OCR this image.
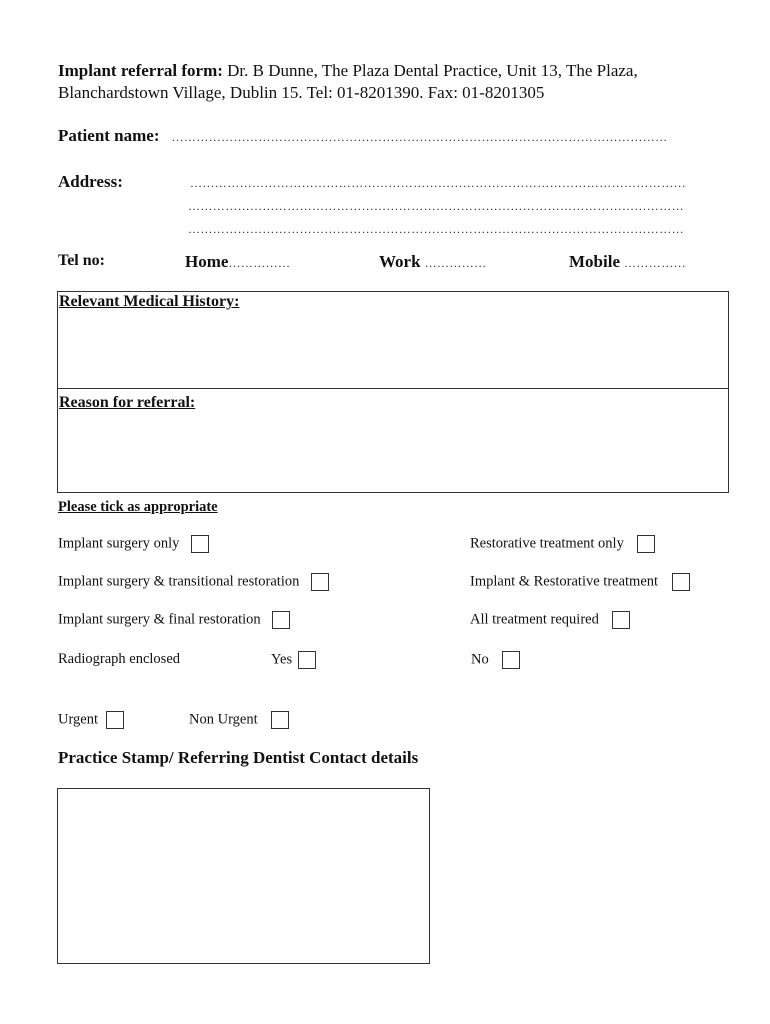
Implant referral form: Dr. B Dunne, The Plaza Dental Practice, Unit 13, The Plaza,
Blanchardstown Village, Dublin 15. Tel: 01-8201390. Fax: 01-8201305
Patient name: …………………………………………………………………………………………………………
Address:	…………………………………………………………………………………………………………
…………………………………………………………………………………………………………
…………………………………………………………………………………………………………
Tel no:	Home……………	Work ……………	Mobile ……………
Relevant Medical History:
Reason for referral:
Please tick as appropriate
Implant surgery only	Restorative treatment only
Implant surgery & transitional restoration	Implant & Restorative treatment
Implant surgery & final restoration	All treatment required
Radiograph enclosed	Yes	No
Urgent	Non Urgent
Practice Stamp/ Referring Dentist Contact details
